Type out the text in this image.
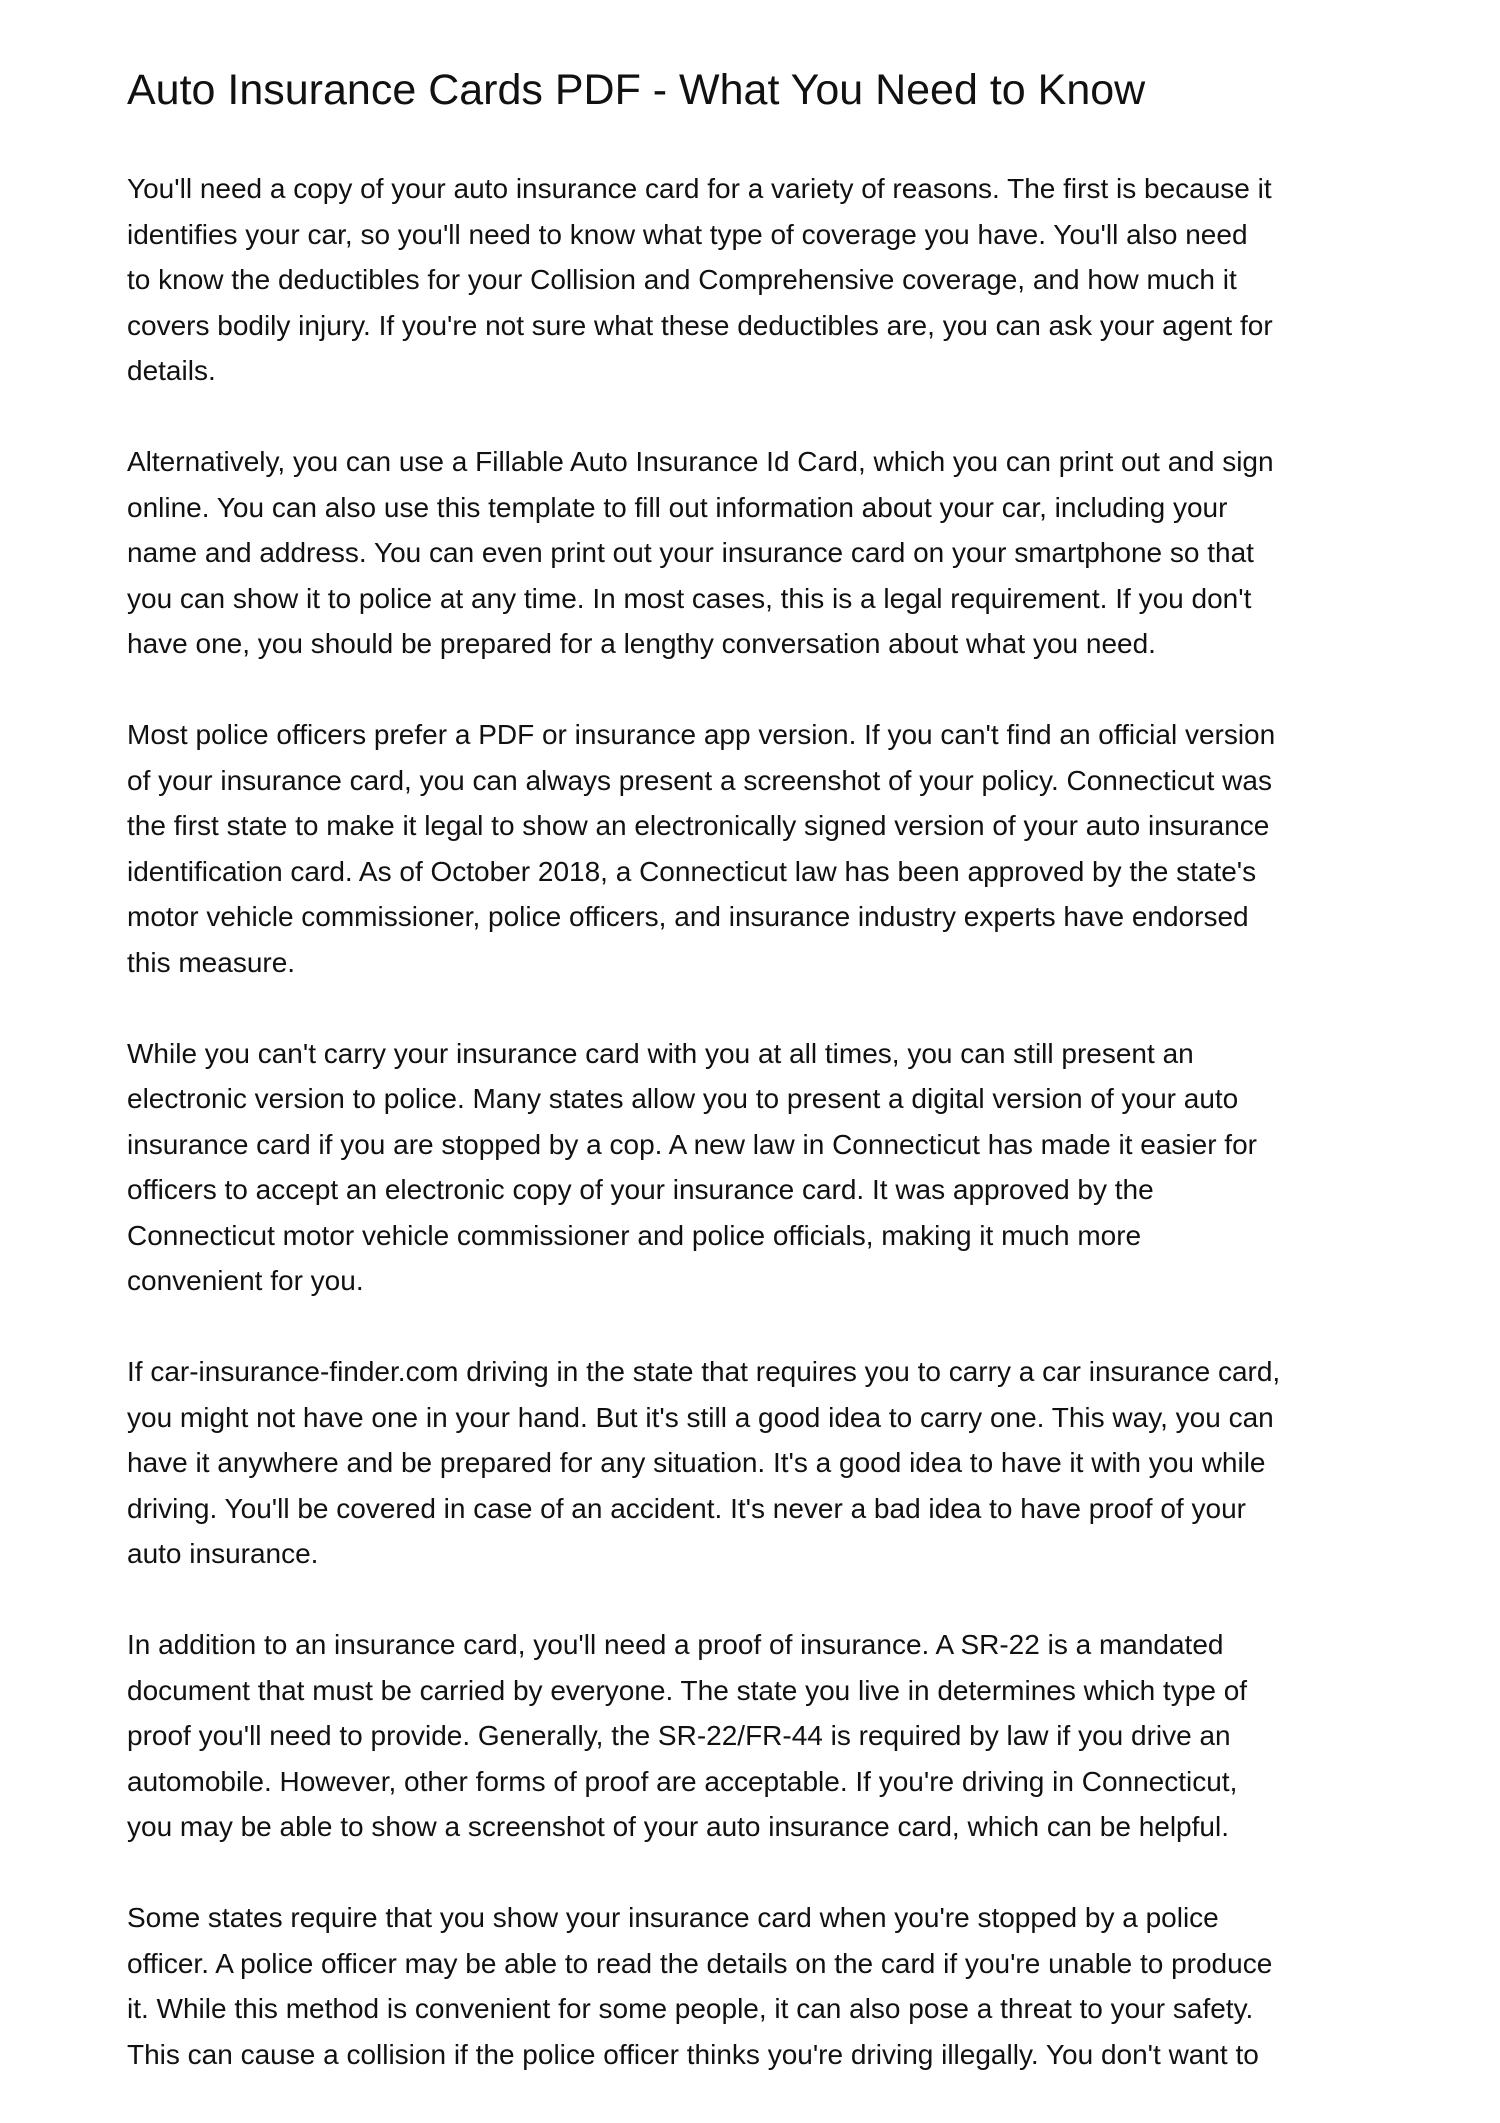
Auto Insurance Cards PDF - What You Need to Know

You'll need a copy of your auto insurance card for a variety of reasons. The first is because it
identifies your car, so you'll need to know what type of coverage you have. You'll also need
to know the deductibles for your Collision and Comprehensive coverage, and how much it
covers bodily injury. If you're not sure what these deductibles are, you can ask your agent for
details.

Alternatively, you can use a Fillable Auto Insurance Id Card, which you can print out and sign
online. You can also use this template to fill out information about your car, including your
name and address. You can even print out your insurance card on your smartphone so that
you can show it to police at any time. In most cases, this is a legal requirement. If you don't
have one, you should be prepared for a lengthy conversation about what you need.

Most police officers prefer a PDF or insurance app version. If you can't find an official version
of your insurance card, you can always present a screenshot of your policy. Connecticut was
the first state to make it legal to show an electronically signed version of your auto insurance
identification card. As of October 2018, a Connecticut law has been approved by the state's
motor vehicle commissioner, police officers, and insurance industry experts have endorsed
this measure.

While you can't carry your insurance card with you at all times, you can still present an
electronic version to police. Many states allow you to present a digital version of your auto
insurance card if you are stopped by a cop. A new law in Connecticut has made it easier for
officers to accept an electronic copy of your insurance card. It was approved by the
Connecticut motor vehicle commissioner and police officials, making it much more
convenient for you.

If car-insurance-finder.com driving in the state that requires you to carry a car insurance card,
you might not have one in your hand. But it's still a good idea to carry one. This way, you can
have it anywhere and be prepared for any situation. It's a good idea to have it with you while
driving. You'll be covered in case of an accident. It's never a bad idea to have proof of your
auto insurance.

In addition to an insurance card, you'll need a proof of insurance. A SR-22 is a mandated
document that must be carried by everyone. The state you live in determines which type of
proof you'll need to provide. Generally, the SR-22/FR-44 is required by law if you drive an
automobile. However, other forms of proof are acceptable. If you're driving in Connecticut,
you may be able to show a screenshot of your auto insurance card, which can be helpful.

Some states require that you show your insurance card when you're stopped by a police
officer. A police officer may be able to read the details on the card if you're unable to produce
it. While this method is convenient for some people, it can also pose a threat to your safety.
This can cause a collision if the police officer thinks you're driving illegally. You don't want to
